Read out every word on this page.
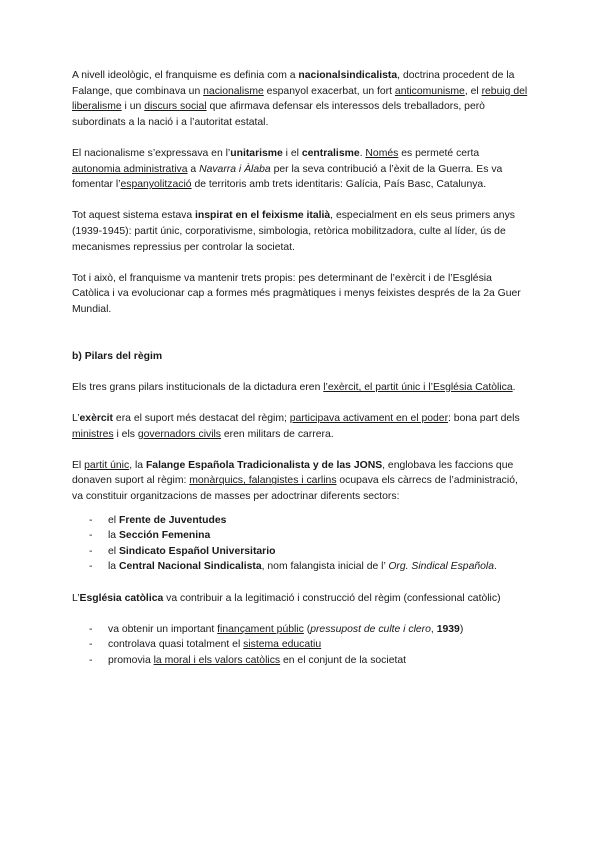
A nivell ideològic, el franquisme es definia com a nacionalsindicalista, doctrina procedent de la Falange, que combinava un nacionalisme espanyol exacerbat, un fort anticomunisme, el rebuig del liberalisme i un discurs social que afirmava defensar els interessos dels treballadors, però subordinats a la nació i a l’autoritat estatal.

El nacionalisme s’expressava en l’unitarisme i el centralisme. Només es permeté certa autonomia administrativa a Navarra i Àlaba per la seva contribució a l’èxit de la Guerra. Es va fomentar l’espanyolització de territoris amb trets identitaris: Galícia, País Basc, Catalunya.

Tot aquest sistema estava inspirat en el feixisme italià, especialment en els seus primers anys (1939-1945): partit únic, corporativisme, simbologia, retòrica mobilitzadora, culte al líder, ús de mecanismes repressius per controlar la societat.

Tot i això, el franquisme va mantenir trets propis: pes determinant de l’exèrcit i de l’Església Catòlica i va evolucionar cap a formes més pragmàtiques i menys feixistes després de la 2a Guer Mundial.

b) Pilars del règim

Els tres grans pilars institucionals de la dictadura eren l’exèrcit, el partit únic i l’Església Catòlica.

L’exèrcit era el suport més destacat del règim; participava activament en el poder: bona part dels ministres i els governadors civils eren militars de carrera.

El partit únic, la Falange Española Tradicionalista y de las JONS, englobava les faccions que donaven suport al règim: monàrquics, falangistes i carlins ocupava els càrrecs de l’administració, va constituir organitzacions de masses per adoctrinar diferents sectors:

- el Frente de Juventudes
- la Sección Femenina
- el Sindicato Español Universitario
- la Central Nacional Sindicalista, nom falangista inicial de l’ Org. Sindical Española.

L’Església catòlica va contribuir a la legitimació i construcció del règim (confessional catòlic)

- va obtenir un important finançament públic (pressupost de culte i clero, 1939)
- controlava quasi totalment el sistema educatiu
- promovia la moral i els valors catòlics en el conjunt de la societat
